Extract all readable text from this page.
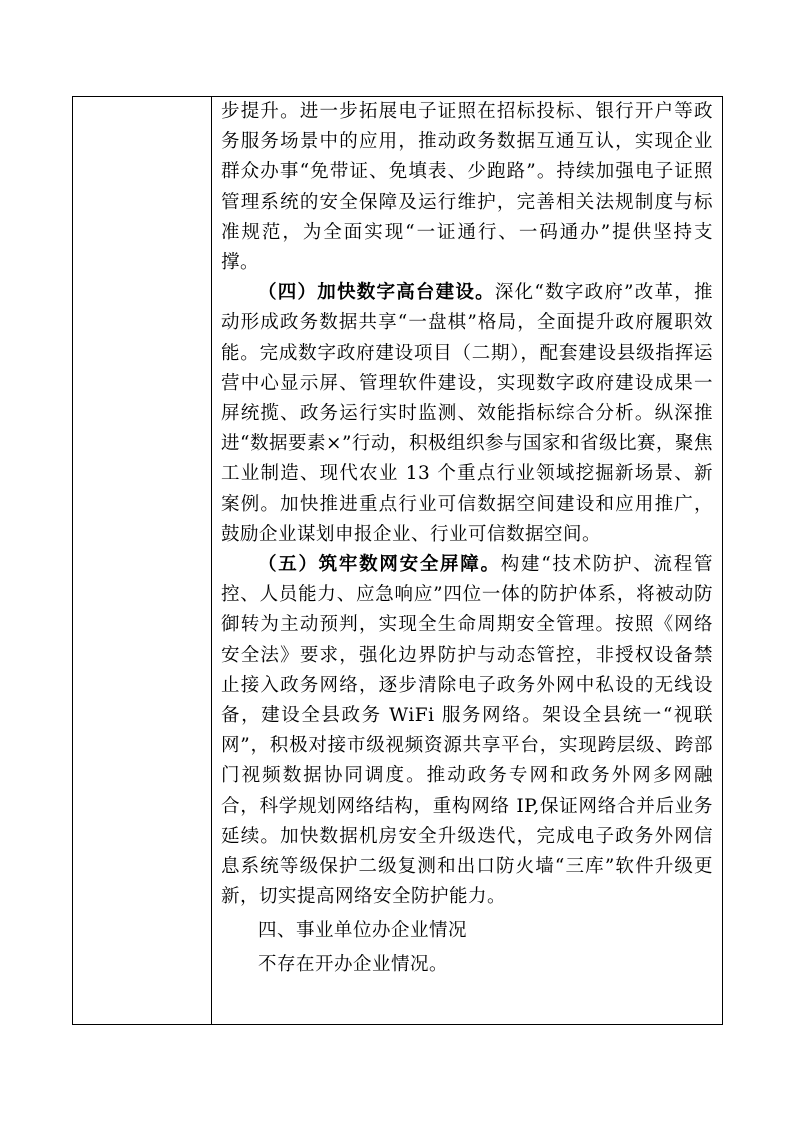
步提升。进一步拓展电子证照在招标投标、银行开户等政务服务场景中的应用，推动政务数据互通互认，实现企业群众办事“免带证、免填表、少跑路”。持续加强电子证照管理系统的安全保障及运行维护，完善相关法规制度与标准规范，为全面实现“一证通行、一码通办”提供坚持支撑。

（四）加快数字高台建设。深化“数字政府”改革，推动形成政务数据共享“一盘棋”格局，全面提升政府履职效能。完成数字政府建设项目（二期），配套建设县级指挥运营中心显示屏、管理软件建设，实现数字政府建设成果一屏统揽、政务运行实时监测、效能指标综合分析。纵深推进“数据要素×”行动，积极组织参与国家和省级比赛，聚焦工业制造、现代农业 13 个重点行业领域挖掘新场景、新案例。加快推进重点行业可信数据空间建设和应用推广，鼓励企业谋划申报企业、行业可信数据空间。

（五）筑牢数网安全屏障。构建“技术防护、流程管控、人员能力、应急响应”四位一体的防护体系，将被动防御转为主动预判，实现全生命周期安全管理。按照《网络安全法》要求，强化边界防护与动态管控，非授权设备禁止接入政务网络，逐步清除电子政务外网中私设的无线设备，建设全县政务 WiFi 服务网络。架设全县统一“视联网”，积极对接市级视频资源共享平台，实现跨层级、跨部门视频数据协同调度。推动政务专网和政务外网多网融合，科学规划网络结构，重构网络 IP,保证网络合并后业务延续。加快数据机房安全升级迭代，完成电子政务外网信息系统等级保护二级复测和出口防火墙“三库”软件升级更新，切实提高网络安全防护能力。

四、事业单位办企业情况

不存在开办企业情况。
